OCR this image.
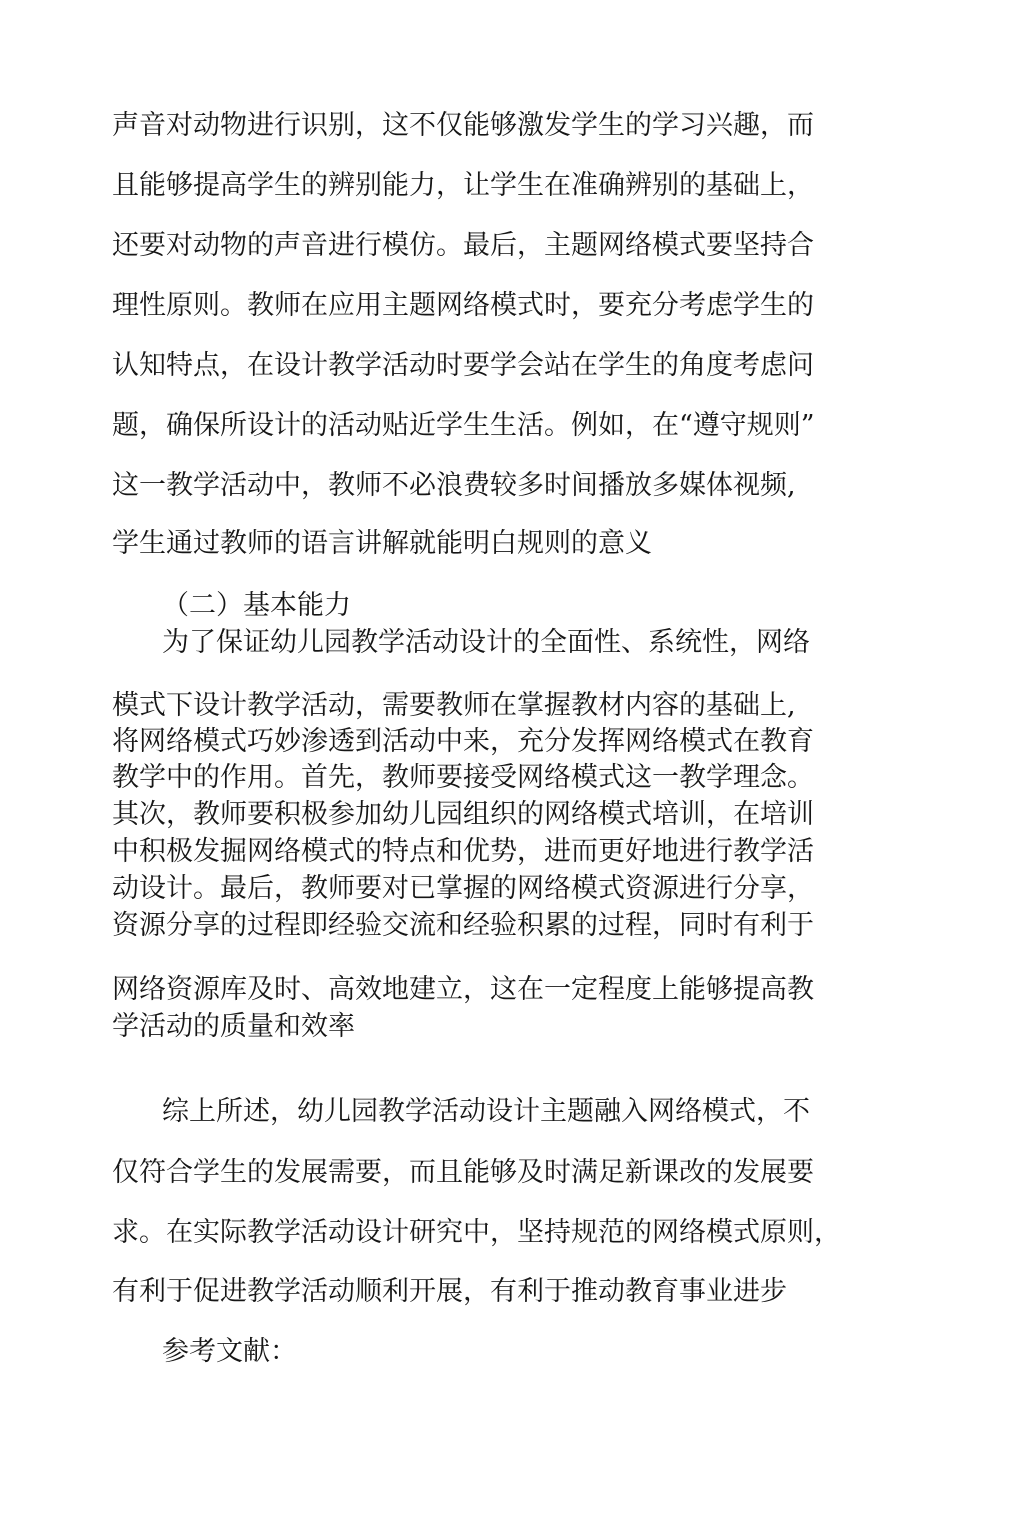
声音对动物进行识别，这不仅能够激发学生的学习兴趣，而
且能够提高学生的辨别能力，让学生在准确辨别的基础上，
还要对动物的声音进行模仿。最后，主题网络模式要坚持合
理性原则。教师在应用主题网络模式时，要充分考虑学生的
认知特点，在设计教学活动时要学会站在学生的角度考虑问
题，确保所设计的活动贴近学生生活。例如，在“遵守规则”
这一教学活动中，教师不必浪费较多时间播放多媒体视频,
学生通过教师的语言讲解就能明白规则的意义
（二）基本能力
为了保证幼儿园教学活动设计的全面性、系统性，网络
模式下设计教学活动，需要教师在掌握教材内容的基础上,
将网络模式巧妙渗透到活动中来，充分发挥网络模式在教育
教学中的作用。首先，教师要接受网络模式这一教学理念。
其次，教师要积极参加幼儿园组织的网络模式培训，在培训
中积极发掘网络模式的特点和优势，进而更好地进行教学活
动设计。最后，教师要对已掌握的网络模式资源进行分享，
资源分享的过程即经验交流和经验积累的过程，同时有利于
网络资源库及时、高效地建立，这在一定程度上能够提高教
学活动的质量和效率
综上所述，幼儿园教学活动设计主题融入网络模式，不
仅符合学生的发展需要，而且能够及时满足新课改的发展要
求。在实际教学活动设计研究中，坚持规范的网络模式原则，
有利于促进教学活动顺利开展，有利于推动教育事业进步
参考文献：
